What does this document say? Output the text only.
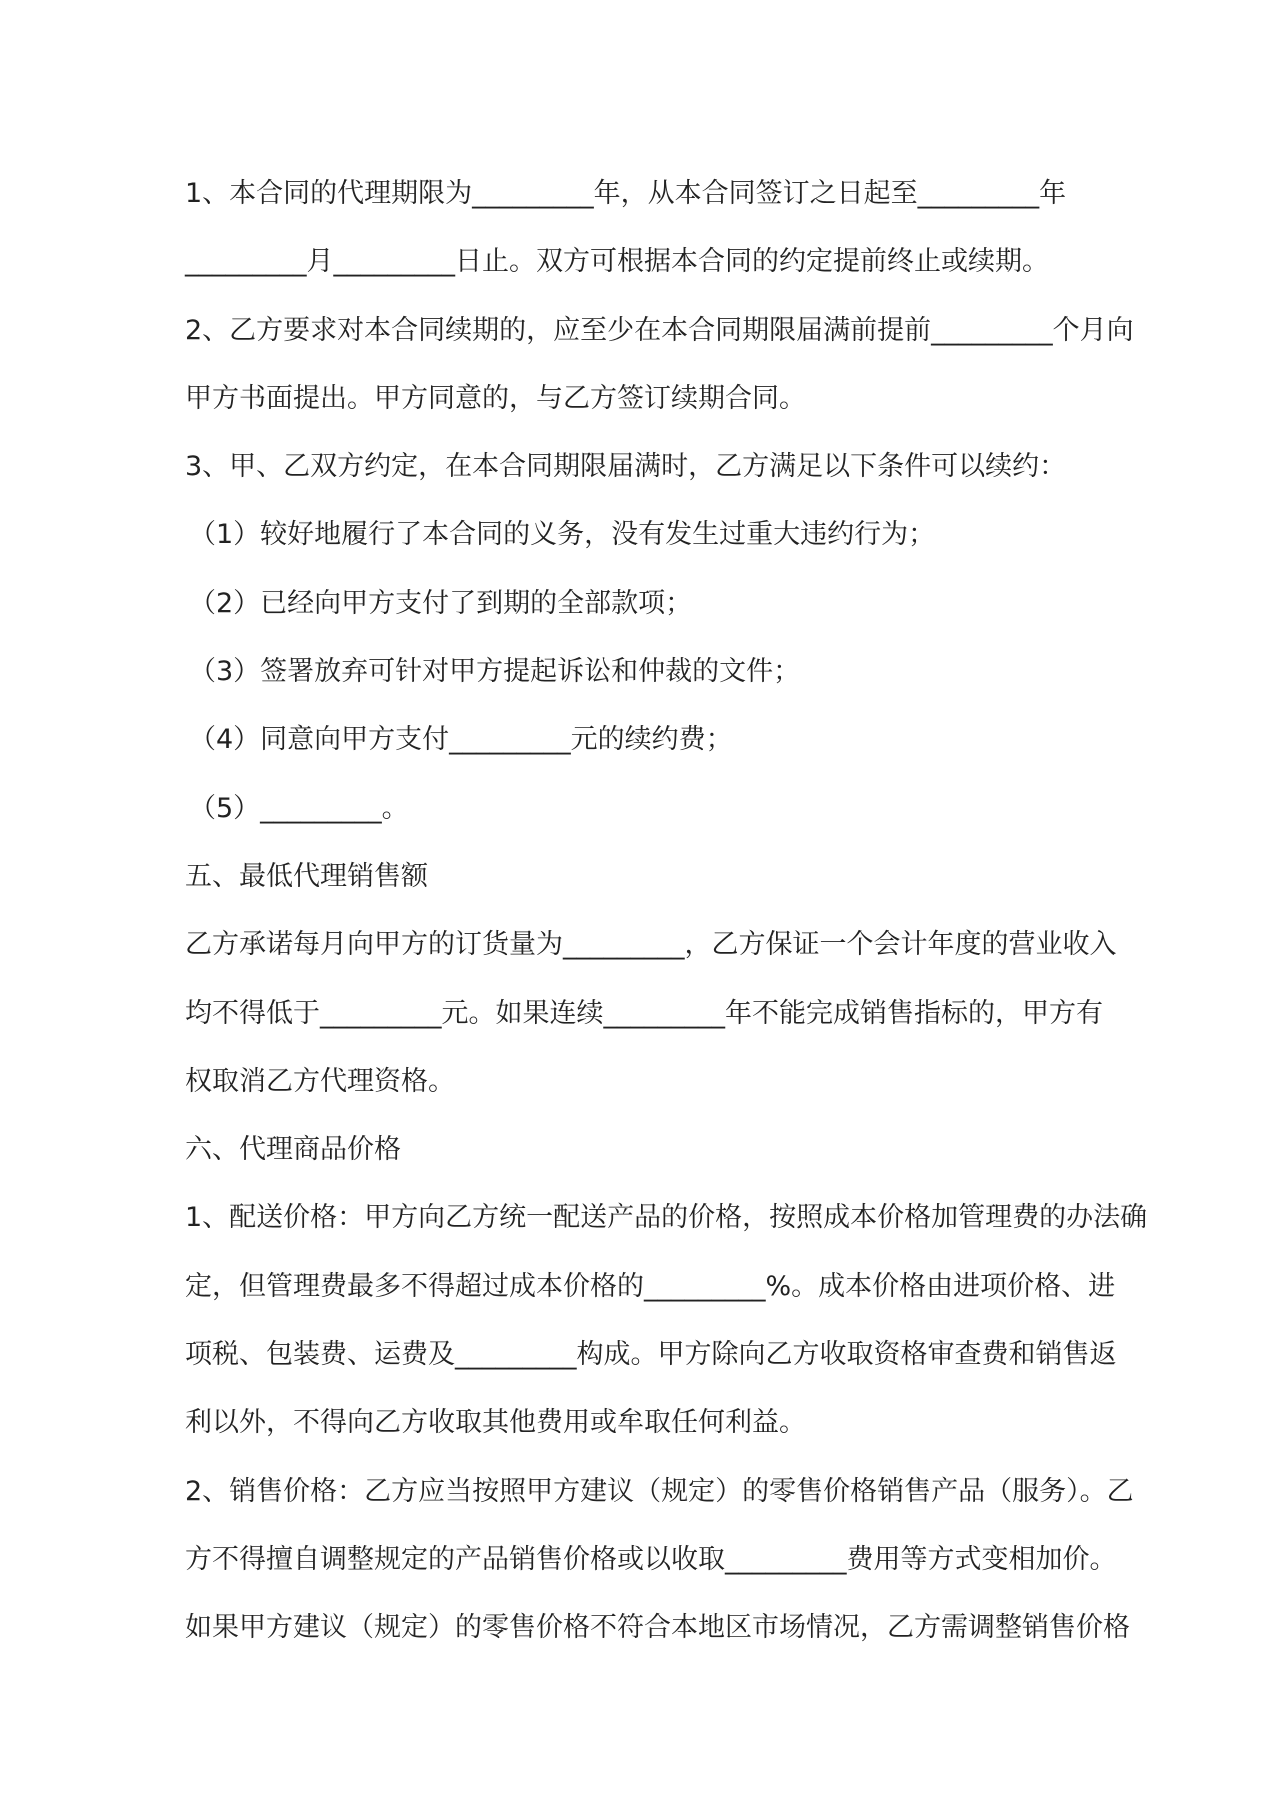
1、本合同的代理期限为_________年，从本合同签订之日起至_________年

_________月_________日止。双方可根据本合同的约定提前终止或续期。

2、乙方要求对本合同续期的，应至少在本合同期限届满前提前_________个月向

甲方书面提出。甲方同意的，与乙方签订续期合同。

3、甲、乙双方约定，在本合同期限届满时，乙方满足以下条件可以续约：

（1）较好地履行了本合同的义务，没有发生过重大违约行为；

（2）已经向甲方支付了到期的全部款项；

（3）签署放弃可针对甲方提起诉讼和仲裁的文件；

（4）同意向甲方支付_________元的续约费；

（5）_________。

五、最低代理销售额

乙方承诺每月向甲方的订货量为_________，乙方保证一个会计年度的营业收入

均不得低于_________元。如果连续_________年不能完成销售指标的，甲方有

权取消乙方代理资格。

六、代理商品价格

1、配送价格：甲方向乙方统一配送产品的价格，按照成本价格加管理费的办法确

定，但管理费最多不得超过成本价格的_________%。成本价格由进项价格、进

项税、包装费、运费及_________构成。甲方除向乙方收取资格审查费和销售返

利以外，不得向乙方收取其他费用或牟取任何利益。

2、销售价格：乙方应当按照甲方建议（规定）的零售价格销售产品（服务）。乙

方不得擅自调整规定的产品销售价格或以收取_________费用等方式变相加价。

如果甲方建议（规定）的零售价格不符合本地区市场情况，乙方需调整销售价格
